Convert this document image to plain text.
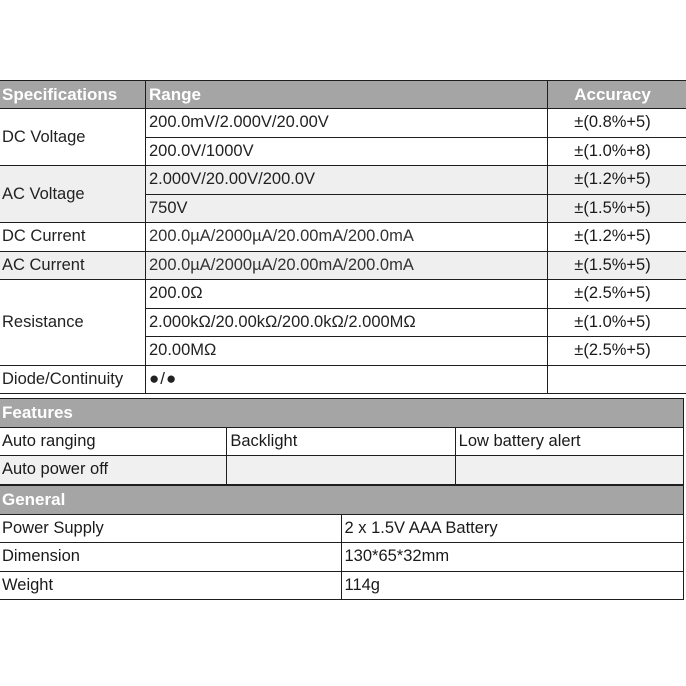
Specifications	Range	Accuracy
DC Voltage	200.0mV/2.000V/20.00V	±(0.8%+5)
	200.0V/1000V	±(1.0%+8)
AC Voltage	2.000V/20.00V/200.0V	±(1.2%+5)
	750V	±(1.5%+5)
DC Current	200.0µA/2000µA/20.00mA/200.0mA	±(1.2%+5)
AC Current	200.0µA/2000µA/20.00mA/200.0mA	±(1.5%+5)
Resistance	200.0Ω	±(2.5%+5)
	2.000kΩ/20.00kΩ/200.0kΩ/2.000MΩ	±(1.0%+5)
	20.00MΩ	±(2.5%+5)
Diode/Continuity	●/●	
Features		
Auto ranging	Backlight	Low battery alert
Auto power off		
General	
Power Supply	2 x 1.5V AAA Battery
Dimension	130*65*32mm
Weight	114g
